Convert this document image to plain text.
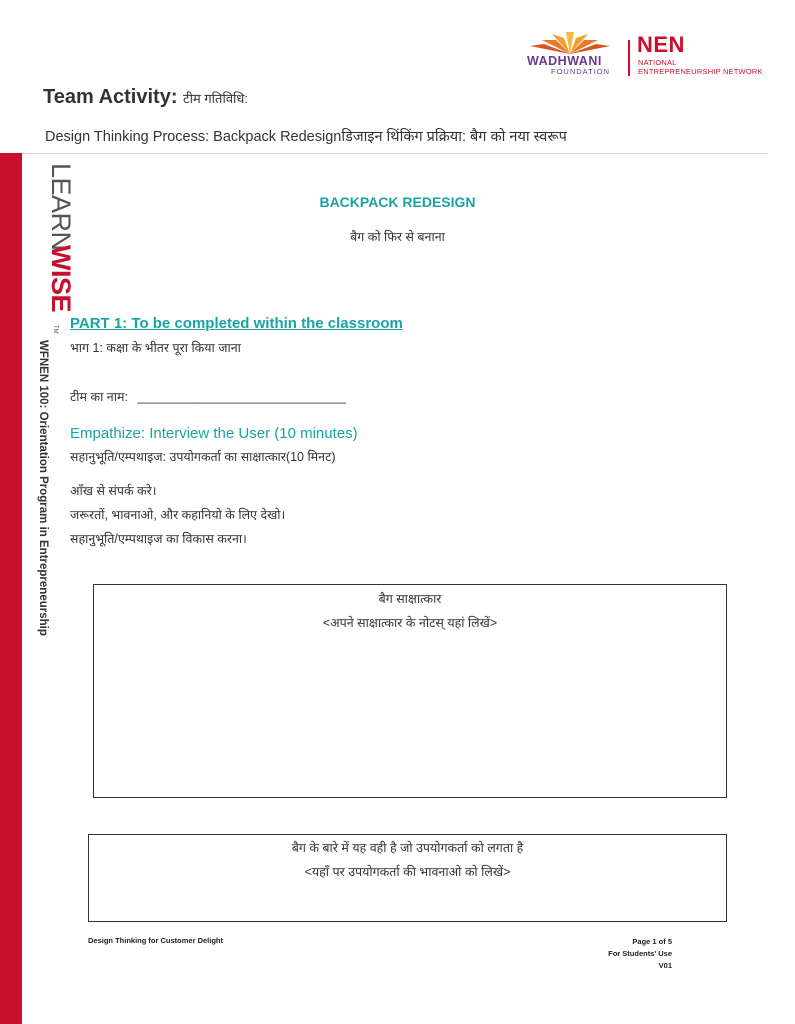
WADHWANI
FOUNDATION
NEN
NATIONAL
ENTREPRENEURSHIP NETWORK
Team Activity: टीम गतिविधि:
Design Thinking Process: Backpack Redesignडिजाइन थिंकिंग प्रक्रिया: बैग को नया स्वरूप
LEARN
WISE
TM
WFNEN 100: Orientation Program in Entrepreneurship
BACKPACK REDESIGN
बैग को फिर से बनाना
PART 1: To be completed within the classroom
भाग 1: कक्षा के भीतर पूरा किया जाना
टीम का नाम: ______________________________
Empathize: Interview the User (10 minutes)
सहानुभूति/एम्पथाइज: उपयोगकर्ता का साक्षात्कार(10 मिनट)
आँख से संपर्क करे।
जरूरतों, भावनाओ, और कहानियो के लिए देखो।
सहानुभूति/एम्पथाइज का विकास करना।
बैग साक्षात्कार
<अपने साक्षात्कार के नोटस् यहां लिखें>
बैग के बारे में यह वही है जो उपयोगकर्ता को लगता है
<यहाँ पर उपयोगकर्ता की भावनाओ को लिखें>
Design Thinking for Customer Delight	Page 1 of 5
For Students' Use
V01
